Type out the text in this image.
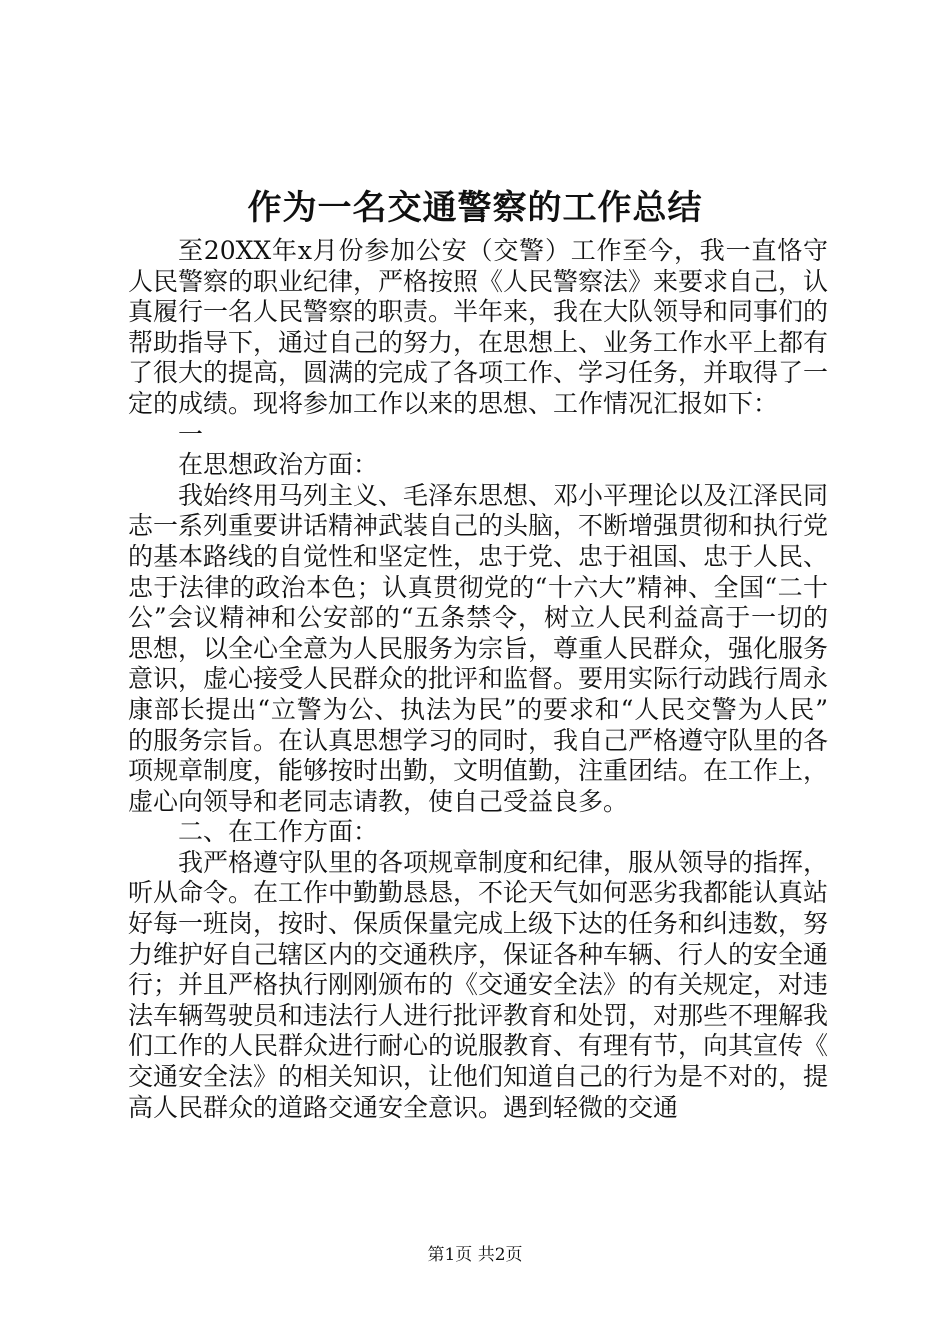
作为一名交通警察的工作总结

至20XX年x月份参加公安（交警）工作至今，我一直恪守人民警察的职业纪律，严格按照《人民警察法》来要求自己，认真履行一名人民警察的职责。半年来，我在大队领导和同事们的帮助指导下，通过自己的努力，在思想上、业务工作水平上都有了很大的提高，圆满的完成了各项工作、学习任务，并取得了一定的成绩。现将参加工作以来的思想、工作情况汇报如下：

一

在思想政治方面：

我始终用马列主义、毛泽东思想、邓小平理论以及江泽民同志一系列重要讲话精神武装自己的头脑，不断增强贯彻和执行党的基本路线的自觉性和坚定性，忠于党、忠于祖国、忠于人民、忠于法律的政治本色；认真贯彻党的“十六大”精神、全国“二十公”会议精神和公安部的“五条禁令，树立人民利益高于一切的思想，以全心全意为人民服务为宗旨，尊重人民群众，强化服务意识，虚心接受人民群众的批评和监督。要用实际行动践行周永康部长提出“立警为公、执法为民”的要求和“人民交警为人民”的服务宗旨。在认真思想学习的同时，我自己严格遵守队里的各项规章制度，能够按时出勤，文明值勤，注重团结。在工作上，虚心向领导和老同志请教，使自己受益良多。

二、在工作方面：

我严格遵守队里的各项规章制度和纪律，服从领导的指挥，听从命令。在工作中勤勤恳恳，不论天气如何恶劣我都能认真站好每一班岗，按时、保质保量完成上级下达的任务和纠违数，努力维护好自己辖区内的交通秩序，保证各种车辆、行人的安全通行；并且严格执行刚刚颁布的《交通安全法》的有关规定，对违法车辆驾驶员和违法行人进行批评教育和处罚，对那些不理解我们工作的人民群众进行耐心的说服教育、有理有节，向其宣传《交通安全法》的相关知识，让他们知道自己的行为是不对的，提高人民群众的道路交通安全意识。遇到轻微的交通

第1页 共2页
